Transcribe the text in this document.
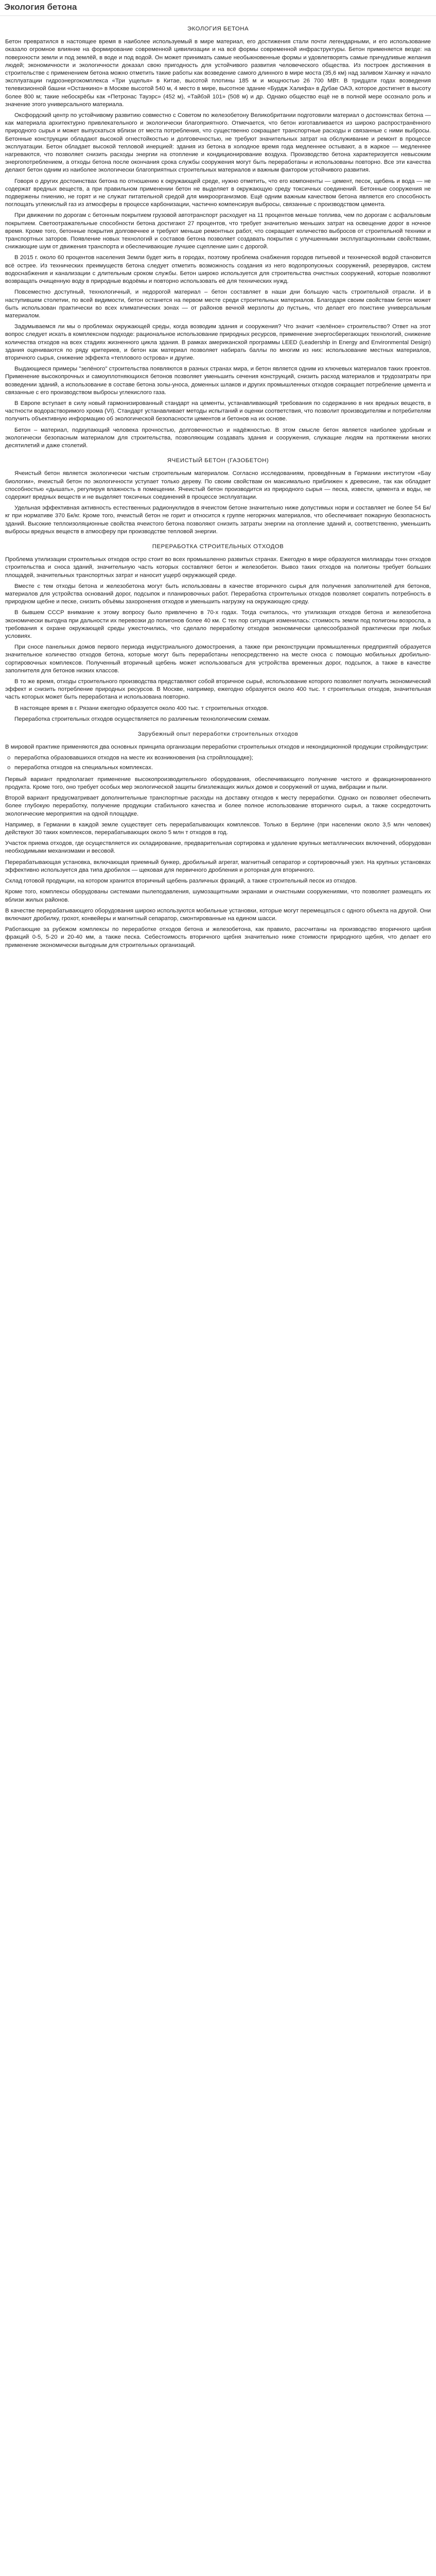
Экология бетона
ЭКОЛОГИЯ БЕТОНА

Бетон превратился в настоящее время в наиболее используемый в мире материал, его достижения стали почти легендарными, и его использование оказало огромное влияние на формирование современной цивилизации и на всё формы современной инфраструктуры. Бетон применяется везде: на поверхности земли и под землёй, в воде и под водой. Он может принимать самые необыкновенные формы и удовлетворять самые причудливые желания людей; экономичности и экологичности доказал свою пригодность для устойчивого развития человеческого общества. Из построек достижения в строительстве с применением бетона можно отметить такие работы как возведение самого длинного в мире моста (35,6 км) над заливом Ханчжу и начало эксплуатации гидроэнергокомплекса «Три ущелья» в Китае, высотой плотины 185 м и мощностью 26 700 МВт. В тридцати годах возведения телевизионной башни «Останкино» в Москве высотой 540 м, 4 место в мире, высотное здание «Бурдж Халифа» в Дубае ОАЭ, которое достигнет в высоту более 800 м; такие небоскрёбы как «Петронас Тауэрс» (452 м), «Тайбэй 101» (508 м) и др. Однако общество ещё не в полной мере осознало роль и значение этого универсального материала.

Оксфордский центр по устойчивому развитию совместно с Советом по железобетону Великобритании подготовили материал о достоинствах бетона — как материала архитектурно привлекательного и экологически благоприятного. Отмечается, что бетон изготавливается из широко распространённого природного сырья и может выпускаться вблизи от места потребления, что существенно сокращает транспортные расходы и связанные с ними выбросы. Бетонные конструкции обладают высокой огнестойкостью и долговечностью, не требуют значительных затрат на обслуживание и ремонт в процессе эксплуатации. Бетон обладает высокой тепловой инерцией: здания из бетона в холодное время года медленнее остывают, а в жаркое — медленнее нагреваются, что позволяет снизить расходы энергии на отопление и кондиционирование воздуха. Производство бетона характеризуется невысоким энергопотреблением, а отходы бетона после окончания срока службы сооружения могут быть переработаны и использованы повторно. Все эти качества делают бетон одним из наиболее экологически благоприятных строительных материалов и важным фактором устойчивого развития.

Говоря о других достоинствах бетона по отношению к окружающей среде, нужно отметить, что его компоненты — цемент, песок, щебень и вода — не содержат вредных веществ, а при правильном применении бетон не выделяет в окружающую среду токсичных соединений. Бетонные сооружения не подвержены гниению, не горят и не служат питательной средой для микроорганизмов. Ещё одним важным качеством бетона является его способность поглощать углекислый газ из атмосферы в процессе карбонизации, частично компенсируя выбросы, связанные с производством цемента.

При движении по дорогам с бетонным покрытием грузовой автотранспорт расходует на 11 процентов меньше топлива, чем по дорогам с асфальтовым покрытием. Светоотражательные способности бетона достигают 27 процентов, что требует значительно меньших затрат на освещение дорог в ночное время. Кроме того, бетонные покрытия долговечнее и требуют меньше ремонтных работ, что сокращает количество выбросов от строительной техники и транспортных заторов. Появление новых технологий и составов бетона позволяет создавать покрытия с улучшенными эксплуатационными свойствами, снижающие шум от движения транспорта и обеспечивающие лучшее сцепление шин с дорогой.

В 2015 г. около 60 процентов населения Земли будет жить в городах, поэтому проблема снабжения городов питьевой и технической водой становится всё острее. Из технических преимуществ бетона следует отметить возможность создания из него водопропускных сооружений, резервуаров, систем водоснабжения и канализации с длительным сроком службы. Бетон широко используется для строительства очистных сооружений, которые позволяют возвращать очищенную воду в природные водоёмы и повторно использовать её для технических нужд.

Повсеместно доступный, технологичный, и недорогой материал – бетон составляет в наши дни большую часть строительной отрасли. И в наступившем столетии, по всей видимости, бетон останется на первом месте среди строительных материалов. Благодаря своим свойствам бетон может быть использован практически во всех климатических зонах — от районов вечной мерзлоты до пустынь, что делает его поистине универсальным материалом.

Задумываемся ли мы о проблемах окружающей среды, когда возводим здания и сооружения? Что значит «зелёное» строительство? Ответ на этот вопрос следует искать в комплексном подходе: рациональное использование природных ресурсов, применение энергосберегающих технологий, снижение количества отходов на всех стадиях жизненного цикла здания. В рамках американской программы LEED (Leadership in Energy and Environmental Design) здания оцениваются по ряду критериев, и бетон как материал позволяет набирать баллы по многим из них: использование местных материалов, вторичного сырья, снижение эффекта «теплового острова» и другие.

Выдающиеся примеры "зелёного" строительства появляются в разных странах мира, и бетон является одним из ключевых материалов таких проектов. Применение высокопрочных и самоуплотняющихся бетонов позволяет уменьшить сечения конструкций, снизить расход материалов и трудозатраты при возведении зданий, а использование в составе бетона золы-уноса, доменных шлаков и других промышленных отходов сокращает потребление цемента и связанные с его производством выбросы углекислого газа.

В Европе вступает в силу новый гармонизированный стандарт на цементы, устанавливающий требования по содержанию в них вредных веществ, в частности водорастворимого хрома (VI). Стандарт устанавливает методы испытаний и оценки соответствия, что позволит производителям и потребителям получить объективную информацию об экологической безопасности цементов и бетонов на их основе.

Бетон – материал, подкупающий человека прочностью, долговечностью и надёжностью. В этом смысле бетон является наиболее удобным и экологически безопасным материалом для строительства, позволяющим создавать здания и сооружения, служащие людям на протяжении многих десятилетий и даже столетий.

ЯЧЕИСТЫЙ БЕТОН (ГАЗОБЕТОН)

Ячеистый бетон является экологически чистым строительным материалом. Согласно исследованиям, проведённым в Германии институтом «Бау биологии», ячеистый бетон по экологичности уступает только дереву. По своим свойствам он максимально приближен к древесине, так как обладает способностью «дышать», регулируя влажность в помещении. Ячеистый бетон производится из природного сырья — песка, извести, цемента и воды, не содержит вредных веществ и не выделяет токсичных соединений в процессе эксплуатации.

Удельная эффективная активность естественных радионуклидов в ячеистом бетоне значительно ниже допустимых норм и составляет не более 54 Бк/кг при нормативе 370 Бк/кг. Кроме того, ячеистый бетон не горит и относится к группе негорючих материалов, что обеспечивает пожарную безопасность зданий. Высокие теплоизоляционные свойства ячеистого бетона позволяют снизить затраты энергии на отопление зданий и, соответственно, уменьшить выбросы вредных веществ в атмосферу при производстве тепловой энергии.

ПЕРЕРАБОТКА СТРОИТЕЛЬНЫХ ОТХОДОВ

Проблема утилизации строительных отходов остро стоит во всех промышленно развитых странах. Ежегодно в мире образуются миллиарды тонн отходов строительства и сноса зданий, значительную часть которых составляют бетон и железобетон. Вывоз таких отходов на полигоны требует больших площадей, значительных транспортных затрат и наносит ущерб окружающей среде.

Вместе с тем отходы бетона и железобетона могут быть использованы в качестве вторичного сырья для получения заполнителей для бетонов, материалов для устройства оснований дорог, подсыпок и планировочных работ. Переработка строительных отходов позволяет сократить потребность в природном щебне и песке, снизить объёмы захоронения отходов и уменьшить нагрузку на окружающую среду.

В бывшем СССР внимание к этому вопросу было привлечено в 70-х годах. Тогда считалось, что утилизация отходов бетона и железобетона экономически выгодна при дальности их перевозки до полигонов более 40 км. С тех пор ситуация изменилась: стоимость земли под полигоны возросла, а требования к охране окружающей среды ужесточились, что сделало переработку отходов экономически целесообразной практически при любых условиях.

При сносе панельных домов первого периода индустриального домостроения, а также при реконструкции промышленных предприятий образуется значительное количество отходов бетона, которые могут быть переработаны непосредственно на месте сноса с помощью мобильных дробильно-сортировочных комплексов. Полученный вторичный щебень может использоваться для устройства временных дорог, подсыпок, а также в качестве заполнителя для бетонов низких классов.

В то же время, отходы строительного производства представляют собой вторичное сырьё, использование которого позволяет получить экономический эффект и снизить потребление природных ресурсов. В Москве, например, ежегодно образуется около 400 тыс. т строительных отходов, значительная часть которых может быть переработана и использована повторно.

В настоящее время в г. Рязани ежегодно образуется около 400 тыс. т строительных отходов.

Переработка строительных отходов осуществляется по различным технологическим схемам.

Зарубежный опыт переработки строительных отходов

В мировой практике применяются два основных принципа организации переработки строительных отходов и некондиционной продукции стройиндустрии:

o переработка образовавшихся отходов на месте их возникновения (на стройплощадке);
o переработка отходов на специальных комплексах.

Первый вариант предполагает применение высокопроизводительного оборудования, обеспечивающего получение чистого и фракционированного продукта. Кроме того, оно требует особых мер экологической защиты близлежащих жилых домов и сооружений от шума, вибрации и пыли.

Второй вариант предусматривает дополнительные транспортные расходы на доставку отходов к месту переработки. Однако он позволяет обеспечить более глубокую переработку, получение продукции стабильного качества и более полное использование вторичного сырья, а также сосредоточить экологические мероприятия на одной площадке.

Например, в Германии в каждой земле существует сеть перерабатывающих комплексов. Только в Берлине (при населении около 3,5 млн человек) действуют 30 таких комплексов, перерабатывающих около 5 млн т отходов в год.

Участок приема отходов, где осуществляется их складирование, предварительная сортировка и удаление крупных металлических включений, оборудован необходимыми механизмами и весовой.

Перерабатывающая установка, включающая приемный бункер, дробильный агрегат, магнитный сепаратор и сортировочный узел. На крупных установках эффективно используется два типа дробилок — щековая для первичного дробления и роторная для вторичного.

Склад готовой продукции, на котором хранится вторичный щебень различных фракций, а также строительный песок из отходов.

Кроме того, комплексы оборудованы системами пылеподавления, шумозащитными экранами и очистными сооружениями, что позволяет размещать их вблизи жилых районов.

В качестве перерабатывающего оборудования широко используются мобильные установки, которые могут перемещаться с одного объекта на другой. Они включают дробилку, грохот, конвейеры и магнитный сепаратор, смонтированные на едином шасси.

Работающие за рубежом комплексы по переработке отходов бетона и железобетона, как правило, рассчитаны на производство вторичного щебня фракций 0-5, 5-20 и 20-40 мм, а также песка. Себестоимость вторичного щебня значительно ниже стоимости природного щебня, что делает его применение экономически выгодным для строительных организаций.
